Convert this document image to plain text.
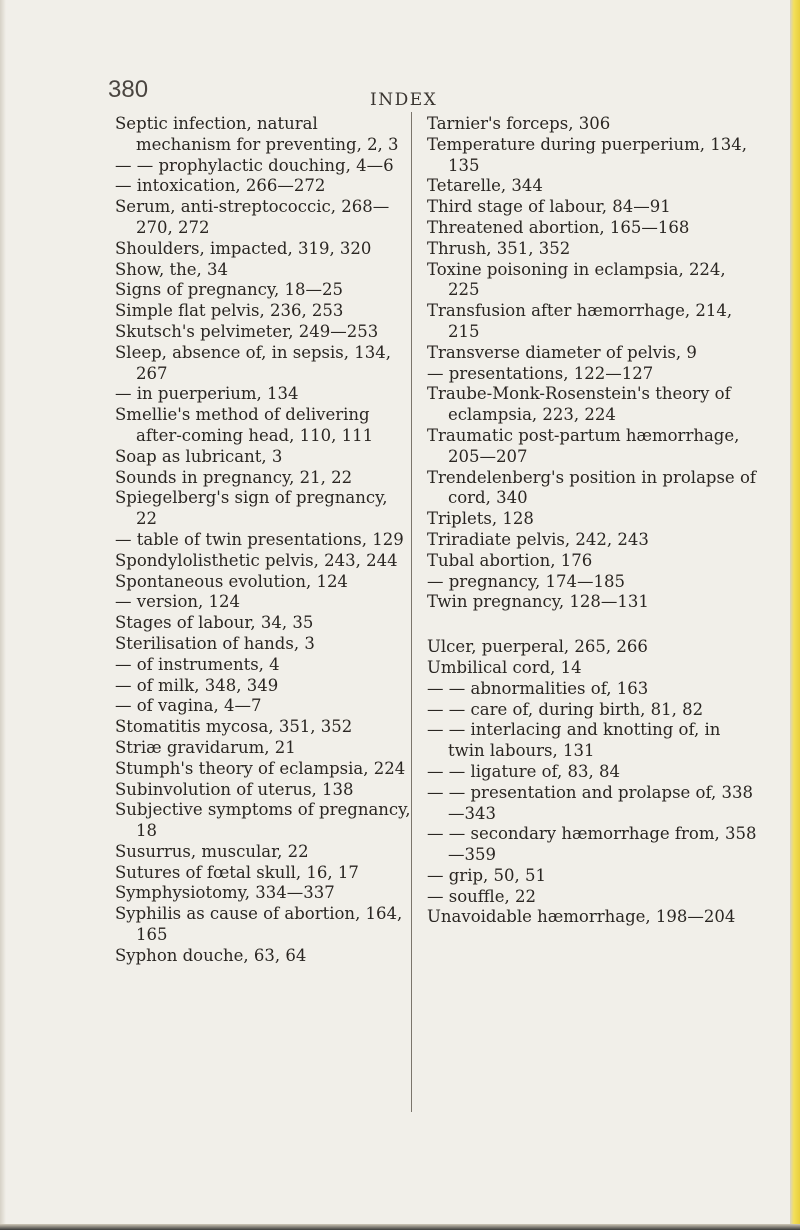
380	INDEX
Septic infection, natural mechanism for preventing, 2, 3
— — prophylactic douching, 4—6
— intoxication, 266—272
Serum, anti-streptococcic, 268—270, 272
Shoulders, impacted, 319, 320
Show, the, 34
Signs of pregnancy, 18—25
Simple flat pelvis, 236, 253
Skutsch's pelvimeter, 249—253
Sleep, absence of, in sepsis, 134, 267
— in puerperium, 134
Smellie's method of delivering after-coming head, 110, 111
Soap as lubricant, 3
Sounds in pregnancy, 21, 22
Spiegelberg's sign of pregnancy, 22
— table of twin presentations, 129
Spondylolisthetic pelvis, 243, 244
Spontaneous evolution, 124
— version, 124
Stages of labour, 34, 35
Sterilisation of hands, 3
— of instruments, 4
— of milk, 348, 349
— of vagina, 4—7
Stomatitis mycosa, 351, 352
Striæ gravidarum, 21
Stumph's theory of eclampsia, 224
Subinvolution of uterus, 138
Subjective symptoms of pregnancy, 18
Susurrus, muscular, 22
Sutures of fœtal skull, 16, 17
Symphysiotomy, 334—337
Syphilis as cause of abortion, 164, 165
Syphon douche, 63, 64
Tarnier's forceps, 306
Temperature during puerperium, 134, 135
Tetarelle, 344
Third stage of labour, 84—91
Threatened abortion, 165—168
Thrush, 351, 352
Toxine poisoning in eclampsia, 224, 225
Transfusion after hæmorrhage, 214, 215
Transverse diameter of pelvis, 9
— presentations, 122—127
Traube-Monk-Rosenstein's theory of eclampsia, 223, 224
Traumatic post-partum hæmorrhage, 205—207
Trendelenberg's position in prolapse of cord, 340
Triplets, 128
Triradiate pelvis, 242, 243
Tubal abortion, 176
— pregnancy, 174—185
Twin pregnancy, 128—131
Ulcer, puerperal, 265, 266
Umbilical cord, 14
— — abnormalities of, 163
— — care of, during birth, 81, 82
— — interlacing and knotting of, in twin labours, 131
— — ligature of, 83, 84
— — presentation and prolapse of, 338—343
— — secondary hæmorrhage from, 358—359
— grip, 50, 51
— souffle, 22
Unavoidable hæmorrhage, 198—204
